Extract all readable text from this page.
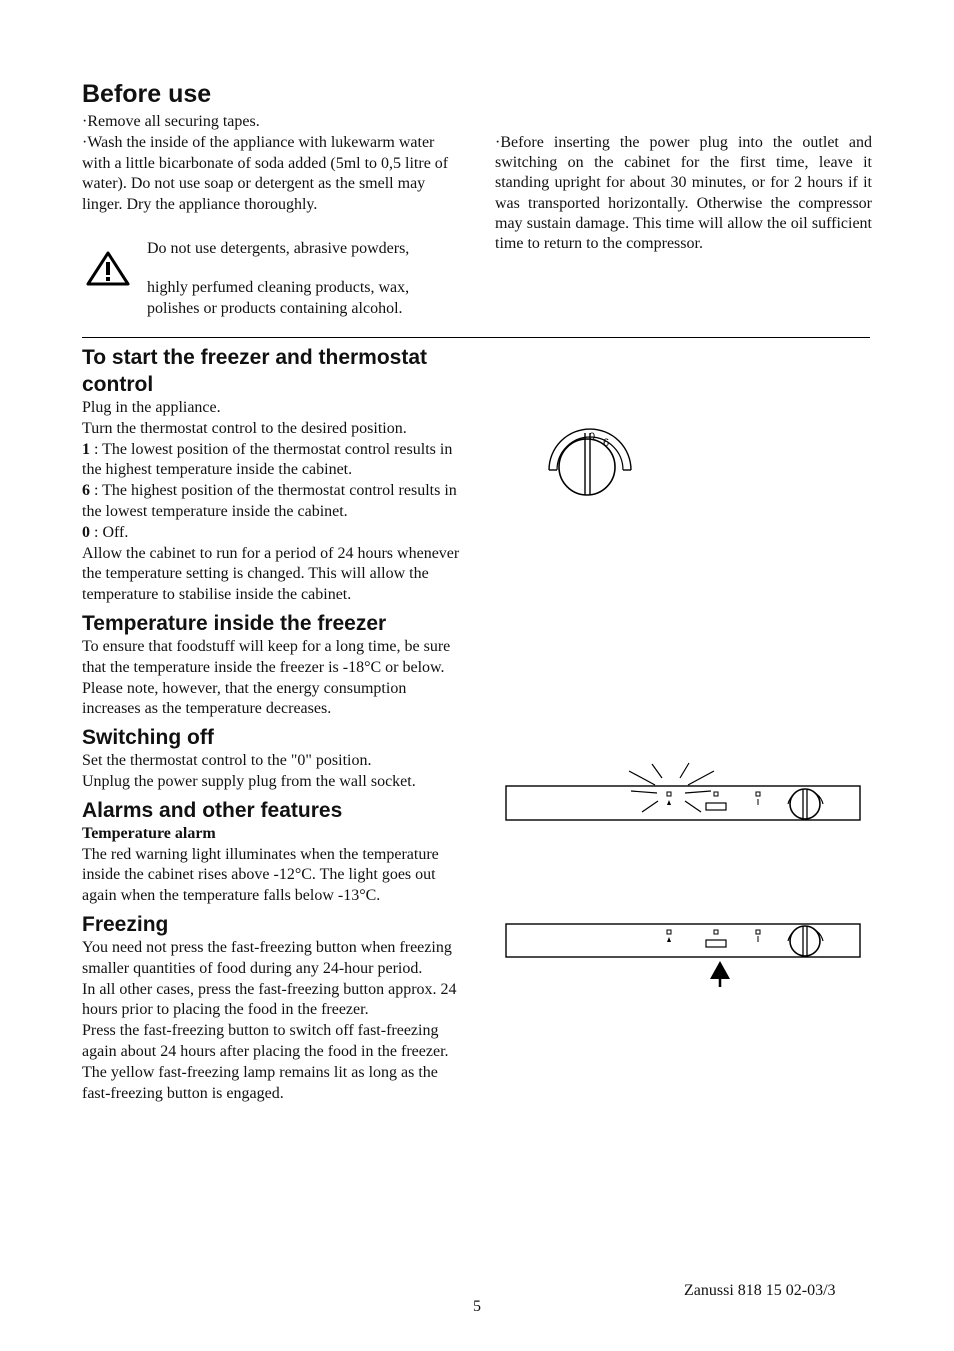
Before use

·Remove all securing tapes.

·Wash the inside of the appliance with lukewarm water with a little bicarbonate of soda added (5ml to 0,5 litre of water). Do not use soap or detergent as the smell may linger. Dry the appliance thoroughly.

Do not use detergents, abrasive powders,

highly perfumed cleaning products, wax, polishes or products containing alcohol.

·Before inserting the power plug into the outlet and switching on the cabinet for the first time, leave it standing upright for about 30 minutes, or for 2 hours if it was transported horizontally. Otherwise the compressor may sustain damage. This time will allow the oil sufficient time to return to the compressor.

To start the freezer and thermostat control

Plug in the appliance.

Turn the thermostat control to the desired position.

1 : The lowest position of the thermostat control results in the highest temperature inside the cabinet.

6 : The highest position of the thermostat control results in the lowest temperature inside the cabinet.

0 : Off.

Allow the cabinet to run for a period of 24 hours whenever the temperature setting is changed. This will allow the temperature to stabilise inside the cabinet.

Temperature inside the freezer

To ensure that foodstuff will keep for a long time, be sure that the temperature inside the freezer is -18°C or below. Please note, however, that the energy consumption increases as the temperature decreases.

Switching off

Set the thermostat control to the "0" position.

Unplug the power supply plug from the wall socket.

Alarms and other features

Temperature alarm

The red warning light illuminates when the temperature inside the cabinet rises above -12°C. The light goes out again when the temperature falls below -13°C.

Freezing

You need not press the fast-freezing button when freezing smaller quantities of food during any 24-hour period.

In all other cases, press the fast-freezing button approx. 24 hours prior to placing the food in the freezer.

Press the fast-freezing button to switch off fast-freezing again about 24 hours after placing the food in the freezer.

The yellow fast-freezing lamp remains lit as long as the fast-freezing button is engaged.

0 6
Zanussi 818 15 02-03/3
5
